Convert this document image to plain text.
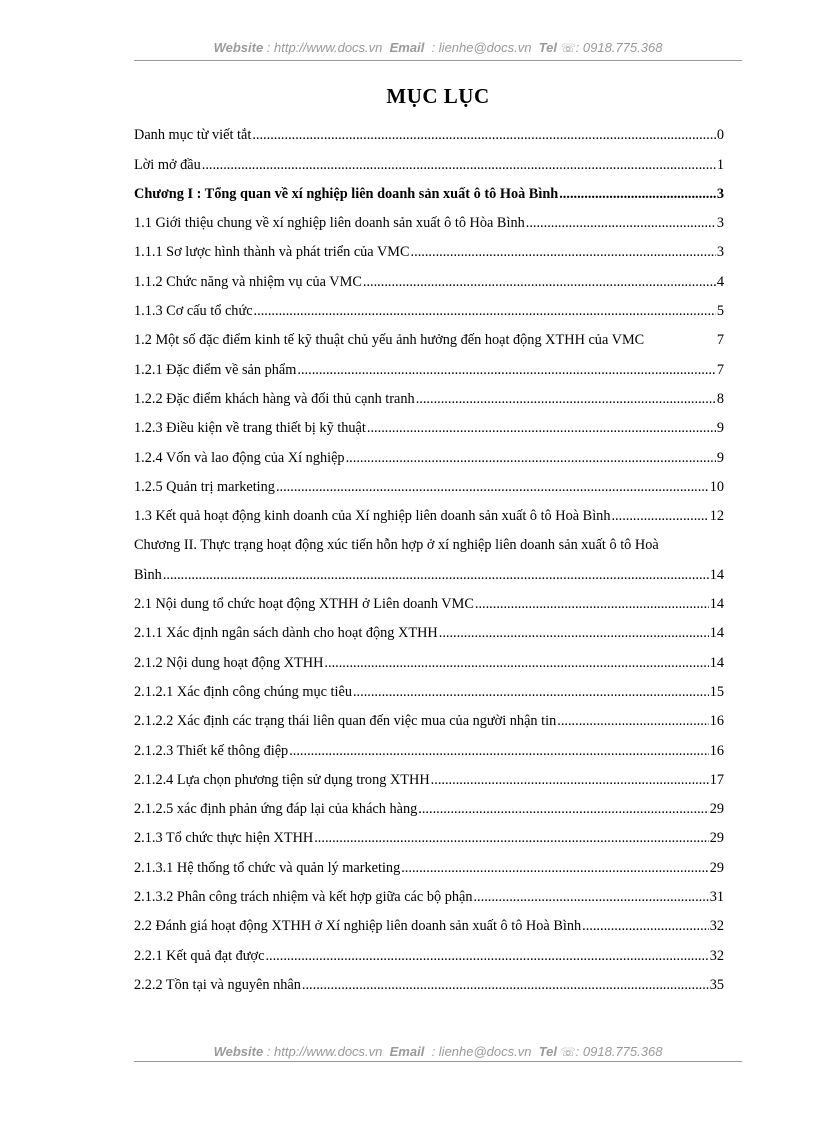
Website : http://www.docs.vn Email : lienhe@docs.vn Tel ☏: 0918.775.368
MỤC LỤC
Danh mục từ viết tắt .....	0
Lời mở đầu .....	1
Chương I : Tổng quan về xí nghiệp liên doanh sản xuất ô tô Hoà Bình .....	3
1.1 Giới thiệu chung về xí nghiệp liên doanh sản xuất ô tô Hòa Bình .....	3
1.1.1 Sơ lược hình thành và phát triển của VMC .....	3
1.1.2 Chức năng và nhiệm vụ của VMC .....	4
1.1.3 Cơ cấu tổ chức .....	5
1.2 Một số đặc điểm kinh tế kỹ thuật chủ yếu ảnh hưởng đến hoạt động XTHH của VMC	7
1.2.1 Đặc điểm về sản phẩm .....	7
1.2.2 Đặc điểm khách hàng và đối thủ cạnh tranh .....	8
1.2.3 Điều kiện về trang thiết bị kỹ thuật .....	9
1.2.4 Vốn và lao động của Xí nghiệp .....	9
1.2.5 Quản trị marketing .....	10
1.3 Kết quả hoạt động kinh doanh của Xí nghiệp liên doanh sản xuất ô tô Hoà Bình .....	12
Chương II. Thực trạng hoạt động xúc tiến hỗn hợp ở xí nghiệp liên doanh sản xuất ô tô Hoà
Bình .....	14
2.1 Nội dung tổ chức hoạt động XTHH ở Liên doanh VMC .....	14
2.1.1 Xác định ngân sách dành cho hoạt động XTHH .....	14
2.1.2 Nội dung hoạt động XTHH .....	14
2.1.2.1 Xác định công chúng mục tiêu .....	15
2.1.2.2 Xác định các trạng thái liên quan đến việc mua của người nhận tin .....	16
2.1.2.3 Thiết kế thông điệp .....	16
2.1.2.4 Lựa chọn phương tiện sử dụng trong XTHH .....	17
2.1.2.5 xác định phản ứng đáp lại của khách hàng .....	29
2.1.3 Tổ chức thực hiện XTHH .....	29
2.1.3.1 Hệ thống tổ chức và quản lý marketing .....	29
2.1.3.2 Phân công trách nhiệm và kết hợp giữa các bộ phận .....	31
2.2 Đánh giá hoạt động XTHH ở Xí nghiệp liên doanh sản xuất ô tô Hoà Bình .....	32
2.2.1 Kết quả đạt được .....	32
2.2.2 Tồn tại và nguyên nhân .....	35
Website : http://www.docs.vn Email : lienhe@docs.vn Tel ☏: 0918.775.368
